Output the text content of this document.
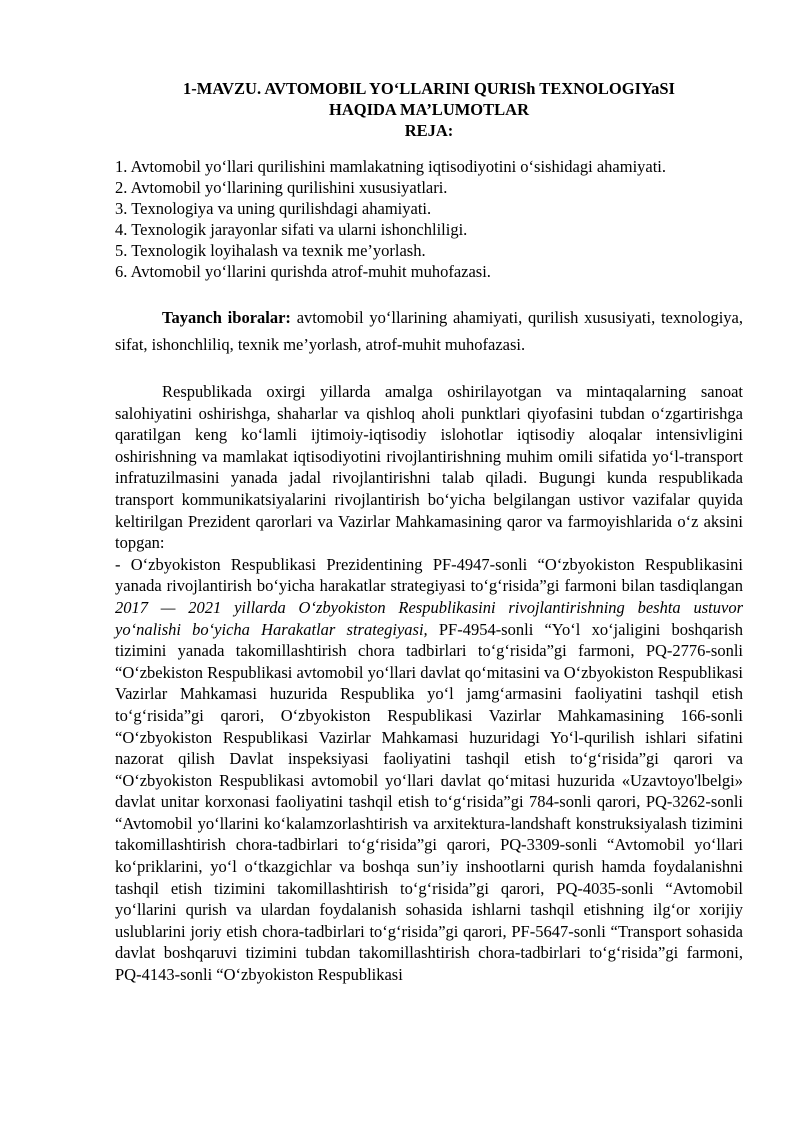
1-MAVZU. AVTOMOBIL YO‘LLARINI QURISh TEXNOLOGIYaSI
HAQIDA MA’LUMOTLAR
REJA:
1. Avtomobil yo‘llari qurilishini mamlakatning iqtisodiyotini o‘sishidagi ahamiyati.
2. Avtomobil yo‘llarining qurilishini xususiyatlari.
3. Texnologiya va uning qurilishdagi ahamiyati.
4. Texnologik jarayonlar sifati va ularni ishonchliligi.
5. Texnologik loyihalash va texnik me’yorlash.
6. Avtomobil yo‘llarini qurishda atrof-muhit muhofazasi.

Tayanch iboralar: avtomobil yo‘llarining ahamiyati, qurilish xususiyati, texnologiya, sifat, ishonchliliq, texnik me’yorlash, atrof-muhit muhofazasi.

Respublikada oxirgi yillarda amalga oshirilayotgan va mintaqalarning sanoat salohiyatini oshirishga, shaharlar va qishloq aholi punktlari qiyofasini tubdan o‘zgartirishga qaratilgan keng ko‘lamli ijtimoiy-iqtisodiy islohotlar iqtisodiy aloqalar intensivligini oshirishning va mamlakat iqtisodiyotini rivojlantirishning muhim omili sifatida yo‘l-transport infratuzilmasini yanada jadal rivojlantirishni talab qiladi. Bugungi kunda respublikada transport kommunikatsiyalarini rivojlantirish bo‘yicha belgilangan ustivor vazifalar quyida keltirilgan Prezident qarorlari va Vazirlar Mahkamasining qaror va farmoyishlarida o‘z aksini topgan:
- O‘zbyokiston Respublikasi Prezidentining PF-4947-sonli “O‘zbyokiston Respublikasini yanada rivojlantirish bo‘yicha harakatlar strategiyasi to‘g‘risida”gi farmoni bilan tasdiqlangan 2017 — 2021 yillarda O‘zbyokiston Respublikasini rivojlantirishning beshta ustuvor yo‘nalishi bo‘yicha Harakatlar strategiyasi, PF-4954-sonli “Yo‘l xo‘jaligini boshqarish tizimini yanada takomillashtirish chora tadbirlari to‘g‘risida”gi farmoni, PQ-2776-sonli “O‘zbekiston Respublikasi avtomobil yo‘llari davlat qo‘mitasini va O‘zbyokiston Respublikasi Vazirlar Mahkamasi huzurida Respublika yo‘l jamg‘armasini faoliyatini tashqil etish to‘g‘risida”gi qarori, O‘zbyokiston Respublikasi Vazirlar Mahkamasining 166-sonli “O‘zbyokiston Respublikasi Vazirlar Mahkamasi huzuridagi Yo‘l-qurilish ishlari sifatini nazorat qilish Davlat inspeksiyasi faoliyatini tashqil etish to‘g‘risida”gi qarori va “O‘zbyokiston Respublikasi avtomobil yo‘llari davlat qo‘mitasi huzurida «Uzavtoyo'lbelgi» davlat unitar korxonasi faoliyatini tashqil etish to‘g‘risida”gi 784-sonli qarori, PQ-3262-sonli “Avtomobil yo‘llarini ko‘kalamzorlashtirish va arxitektura-landshaft konstruksiyalash tizimini takomillashtirish chora-tadbirlari to‘g‘risida”gi qarori, PQ-3309-sonli “Avtomobil yo‘llari ko‘priklarini, yo‘l o‘tkazgichlar va boshqa sun’iy inshootlarni qurish hamda foydalanishni tashqil etish tizimini takomillashtirish to‘g‘risida”gi qarori, PQ-4035-sonli “Avtomobil yo‘llarini qurish va ulardan foydalanish sohasida ishlarni tashqil etishning ilg‘or xorijiy uslublarini joriy etish chora-tadbirlari to‘g‘risida”gi qarori, PF-5647-sonli “Transport sohasida davlat boshqaruvi tizimini tubdan takomillashtirish chora-tadbirlari to‘g‘risida”gi farmoni, PQ-4143-sonli “O‘zbyokiston Respublikasi
